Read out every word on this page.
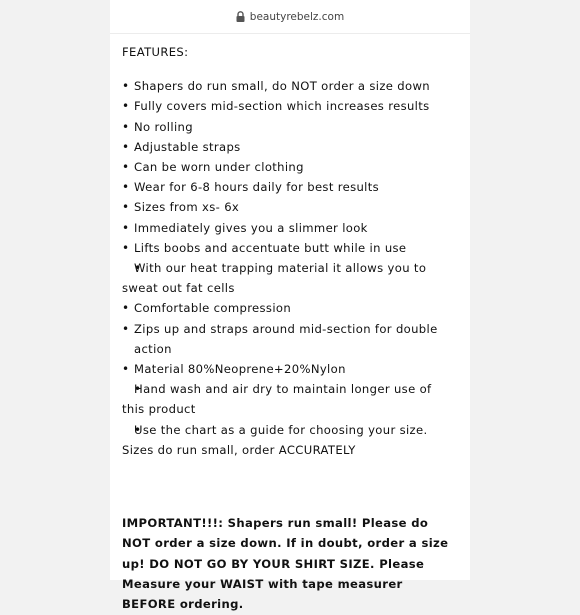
beautyrebelz.com
FEATURES:
• Shapers do run small, do NOT order a size down
• Fully covers mid-section which increases results
• No rolling
• Adjustable straps
• Can be worn under clothing
• Wear for 6-8 hours daily for best results
• Sizes from xs- 6x
• Immediately gives you a slimmer look
• Lifts boobs and accentuate butt while in use
• With our heat trapping material it allows you to sweat out fat cells
• Comfortable compression
• Zips up and straps around mid-section for double action
• Material 80%Neoprene+20%Nylon
• Hand wash and air dry to maintain longer use of this product
• Use the chart as a guide for choosing your size. Sizes do run small, order ACCURATELY
IMPORTANT!!!: Shapers run small! Please do NOT order a size down. If in doubt, order a size up! DO NOT GO BY YOUR SHIRT SIZE. Please Measure your WAIST with tape measurer BEFORE ordering.
